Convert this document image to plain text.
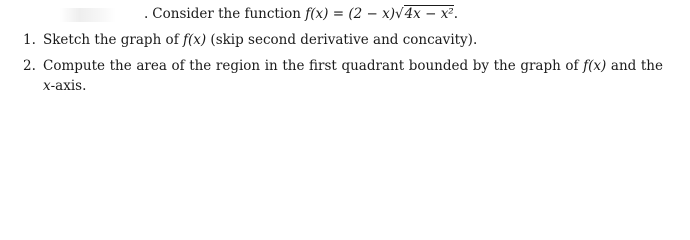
. Consider the function f(x) = (2 − x)√4x − x².
1. Sketch the graph of f(x) (skip second derivative and concavity).
2. Compute the area of the region in the first quadrant bounded by the graph of f(x) and the
x-axis.
